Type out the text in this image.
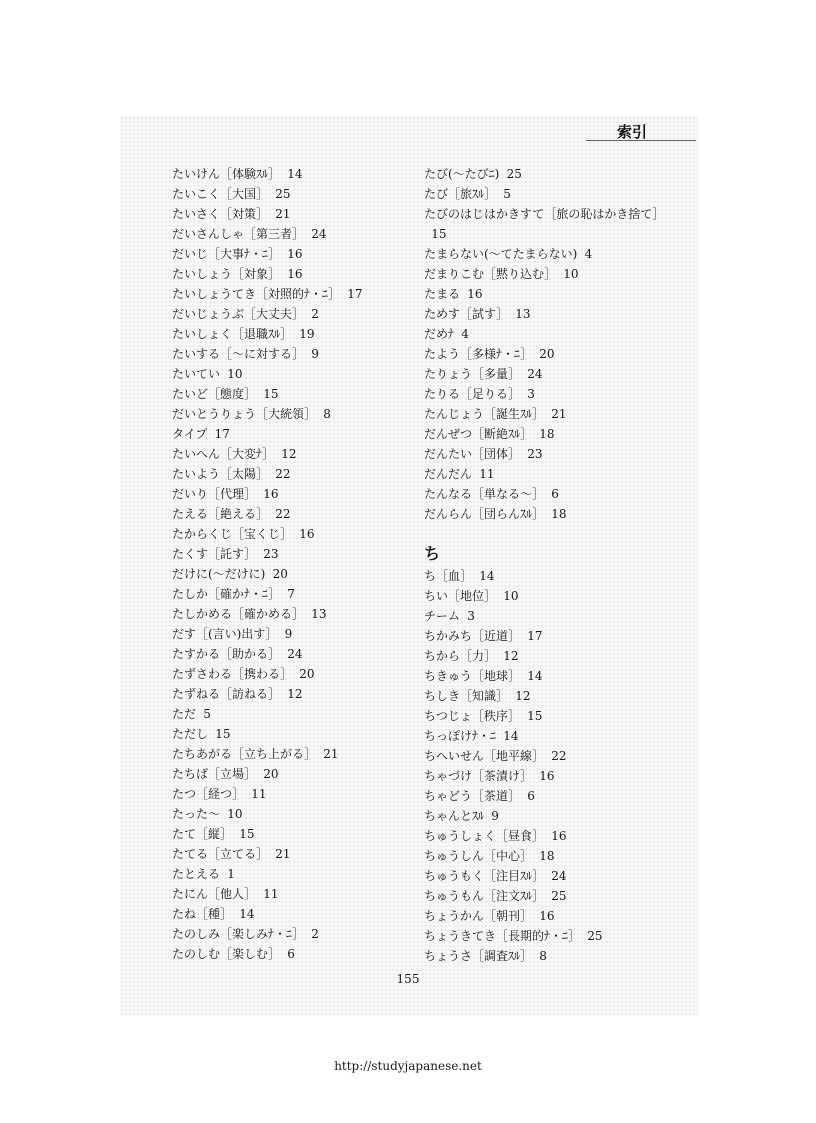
索引
たいけん［体験ｽﾙ］ 14
たいこく［大国］ 25
たいさく［対策］ 21
だいさんしゃ［第三者］ 24
だいじ［大事ﾅ・ﾆ］ 16
たいしょう［対象］ 16
たいしょうてき［対照的ﾅ・ﾆ］ 17
だいじょうぶ［大丈夫］ 2
たいしょく［退職ｽﾙ］ 19
たいする［～に対する］ 9
たいてい 10
たいど［態度］ 15
だいとうりょう［大統領］ 8
タイプ 17
たいへん［大変ﾅ］ 12
たいよう［太陽］ 22
だいり［代理］ 16
たえる［絶える］ 22
たからくじ［宝くじ］ 16
たくす［託す］ 23
だけに(～だけに) 20
たしか［確かﾅ・ﾆ］ 7
たしかめる［確かめる］ 13
だす［(言い)出す］ 9
たすかる［助かる］ 24
たずさわる［携わる］ 20
たずねる［訪ねる］ 12
ただ 5
ただし 15
たちあがる［立ち上がる］ 21
たちば［立場］ 20
たつ［経つ］ 11
たった～ 10
たて［縦］ 15
たてる［立てる］ 21
たとえる 1
たにん［他人］ 11
たね［種］ 14
たのしみ［楽しみﾅ・ﾆ］ 2
たのしむ［楽しむ］ 6
たび(～たびﾆ) 25
たび［旅ｽﾙ］ 5
たびのはじはかきすて［旅の恥はかき捨て］15
たまらない(～てたまらない) 4
だまりこむ［黙り込む］ 10
たまる 16
ためす［試す］ 13
だめﾅ 4
たよう［多様ﾅ・ﾆ］ 20
たりょう［多量］ 24
たりる［足りる］ 3
たんじょう［誕生ｽﾙ］ 21
だんぜつ［断絶ｽﾙ］ 18
だんたい［団体］ 23
だんだん 11
たんなる［単なる～］ 6
だんらん［団らんｽﾙ］ 18
ち
ち［血］ 14
ちい［地位］ 10
チーム 3
ちかみち［近道］ 17
ちから［力］ 12
ちきゅう［地球］ 14
ちしき［知識］ 12
ちつじょ［秩序］ 15
ちっぽけﾅ・ﾆ 14
ちへいせん［地平線］ 22
ちゃづけ［茶漬け］ 16
ちゃどう［茶道］ 6
ちゃんとｽﾙ 9
ちゅうしょく［昼食］ 16
ちゅうしん［中心］ 18
ちゅうもく［注目ｽﾙ］ 24
ちゅうもん［注文ｽﾙ］ 25
ちょうかん［朝刊］ 16
ちょうきてき［長期的ﾅ・ﾆ］ 25
ちょうさ［調査ｽﾙ］ 8
155
http://studyjapanese.net
